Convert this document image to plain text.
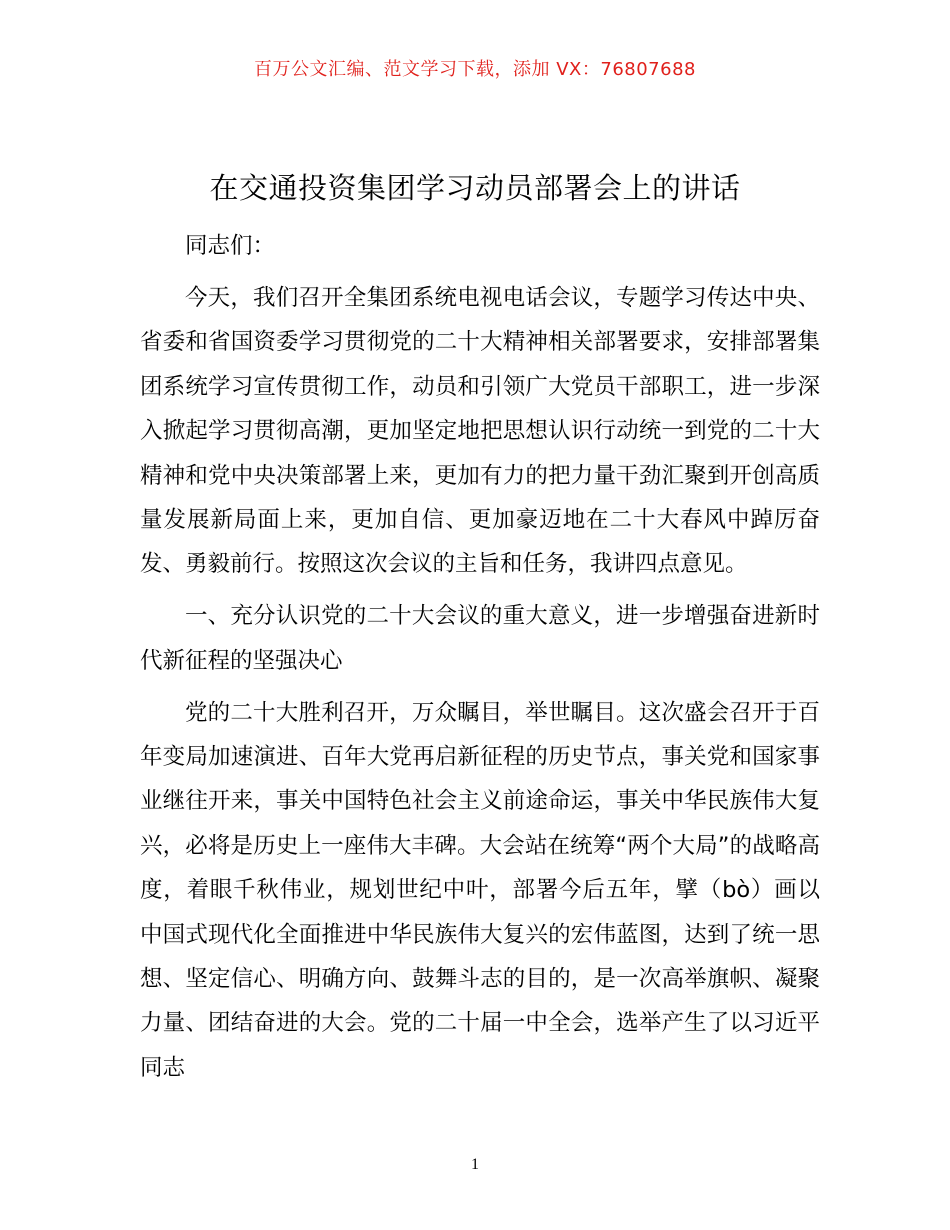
百万公文汇编、范文学习下载，添加 VX：76807688
在交通投资集团学习动员部署会上的讲话

同志们：

今天，我们召开全集团系统电视电话会议，专题学习传达中央、省委和省国资委学习贯彻党的二十大精神相关部署要求，安排部署集团系统学习宣传贯彻工作，动员和引领广大党员干部职工，进一步深入掀起学习贯彻高潮，更加坚定地把思想认识行动统一到党的二十大精神和党中央决策部署上来，更加有力的把力量干劲汇聚到开创高质量发展新局面上来，更加自信、更加豪迈地在二十大春风中踔厉奋发、勇毅前行。按照这次会议的主旨和任务，我讲四点意见。

一、充分认识党的二十大会议的重大意义，进一步增强奋进新时代新征程的坚强决心

党的二十大胜利召开，万众瞩目，举世瞩目。这次盛会召开于百年变局加速演进、百年大党再启新征程的历史节点，事关党和国家事业继往开来，事关中国特色社会主义前途命运，事关中华民族伟大复兴，必将是历史上一座伟大丰碑。大会站在统筹“两个大局”的战略高度，着眼千秋伟业，规划世纪中叶，部署今后五年，擘（bò）画以中国式现代化全面推进中华民族伟大复兴的宏伟蓝图，达到了统一思想、坚定信心、明确方向、鼓舞斗志的目的，是一次高举旗帜、凝聚力量、团结奋进的大会。党的二十届一中全会，选举产生了以习近平同志

1
